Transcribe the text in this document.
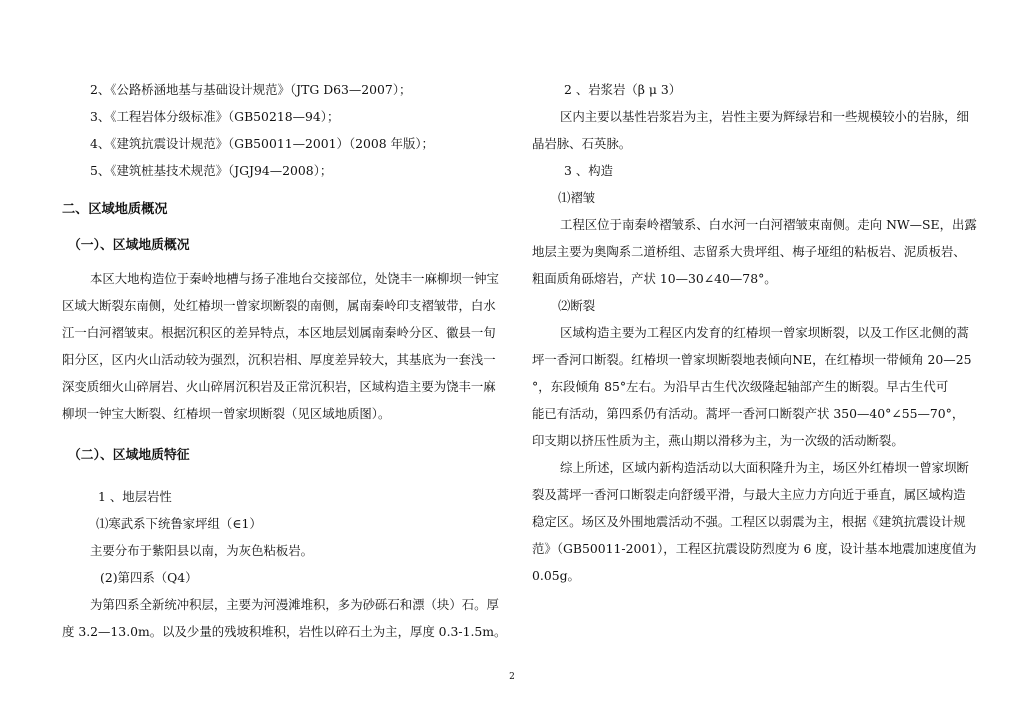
2、《公路桥涵地基与基础设计规范》（JTG D63—2007）；
3、《工程岩体分级标准》（GB50218—94）；
4、《建筑抗震设计规范》（GB50011—2001）（2008 年版）；
5、《建筑桩基技术规范》（JGJ94—2008）；
二、区域地质概况
（一）、区域地质概况
本区大地构造位于秦岭地槽与扬子准地台交接部位，处饶丰一麻柳坝一钟宝
区域大断裂东南侧，处红椿坝一曾家坝断裂的南侧，属南秦岭印支褶皱带，白水
江一白河褶皱束。根据沉积区的差异特点，本区地层划属南秦岭分区、徽县一旬
阳分区，区内火山活动较为强烈，沉积岩相、厚度差异较大，其基底为一套浅一
深变质细火山碎屑岩、火山碎屑沉积岩及正常沉积岩，区域构造主要为饶丰一麻
柳坝一钟宝大断裂、红椿坝一曾家坝断裂（见区域地质图）。
（二）、区域地质特征
1 、地层岩性
⑴寒武系下统鲁家坪组（∈1）
主要分布于紫阳县以南，为灰色粘板岩。
(2)第四系（Q4）
为第四系全新统冲积层，主要为河漫滩堆积，多为砂砾石和漂（块）石。厚
度 3.2—13.0m。以及少量的残坡积堆积，岩性以碎石土为主，厚度 0.3-1.5m。
2 、岩浆岩（β μ 3）
区内主要以基性岩浆岩为主，岩性主要为辉绿岩和一些规模较小的岩脉，细
晶岩脉、石英脉。
3 、构造
⑴褶皱
工程区位于南秦岭褶皱系、白水河一白河褶皱束南侧。走向 NW—SE，出露
地层主要为奥陶系二道桥组、志留系大贵坪组、梅子垭组的粘板岩、泥质板岩、
粗面质角砾熔岩，产状 10—30∠40—78°。
⑵断裂
区域构造主要为工程区内发育的红椿坝一曾家坝断裂，以及工作区北侧的蒿
坪一香河口断裂。红椿坝一曾家坝断裂地表倾向NE，在红椿坝一带倾角 20—25
°，东段倾角 85°左右。为沿早古生代次级隆起轴部产生的断裂。早古生代可
能已有活动，第四系仍有活动。蒿坪一香河口断裂产状 350—40°∠55—70°，
印支期以挤压性质为主，燕山期以滑移为主，为一次级的活动断裂。
综上所述，区域内新构造活动以大面积隆升为主，场区外红椿坝一曾家坝断
裂及蒿坪一香河口断裂走向舒缓平滑，与最大主应力方向近于垂直，属区域构造
稳定区。场区及外围地震活动不强。工程区以弱震为主，根据《建筑抗震设计规
范》（GB50011-2001），工程区抗震设防烈度为 6 度，设计基本地震加速度值为
0.05g。
2
